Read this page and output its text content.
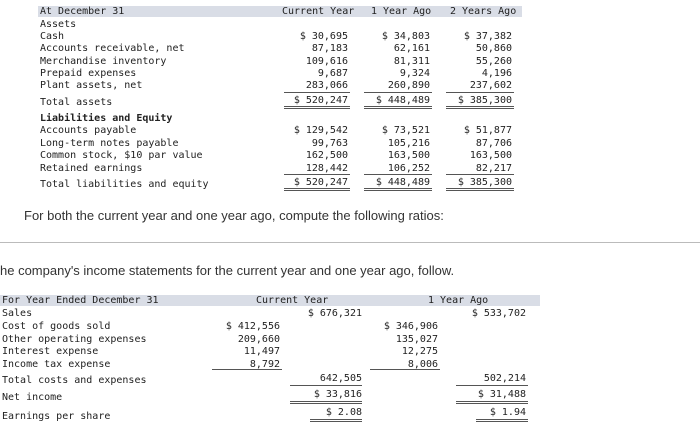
At December 31	Current Year 1 Year Ago 2 Years Ago
Assets
Cash	$ 30,695	$ 34,803	$ 37,382
Accounts receivable, net	87,183	62,161	50,860
Merchandise inventory	109,616	81,311	55,260
Prepaid expenses	9,687	9,324	4,196
Plant assets, net	283,066	260,890	237,602
Total assets	$ 520,247	$ 448,489	$ 385,300
Liabilities and Equity
Accounts payable	$ 129,542	$ 73,521	$ 51,877
Long-term notes payable	99,763	105,216	87,706
Common stock, $10 par value	162,500	163,500	163,500
Retained earnings	128,442	106,252	82,217
Total liabilities and equity	$ 520,247	$ 448,489	$ 385,300
For both the current year and one year ago, compute the following ratios:
he company's income statements for the current year and one year ago, follow.
For Year Ended December 31	Current Year	1 Year Ago
Sales	$ 676,321	$ 533,702
Cost of goods sold	$ 412,556	$ 346,906
Other operating expenses	209,660	135,027
Interest expense	11,497	12,275
Income tax expense	8,792	8,006
Total costs and expenses	642,505	502,214
Net income	$ 33,816	$ 31,488
Earnings per share	$ 2.08	$ 1.94
